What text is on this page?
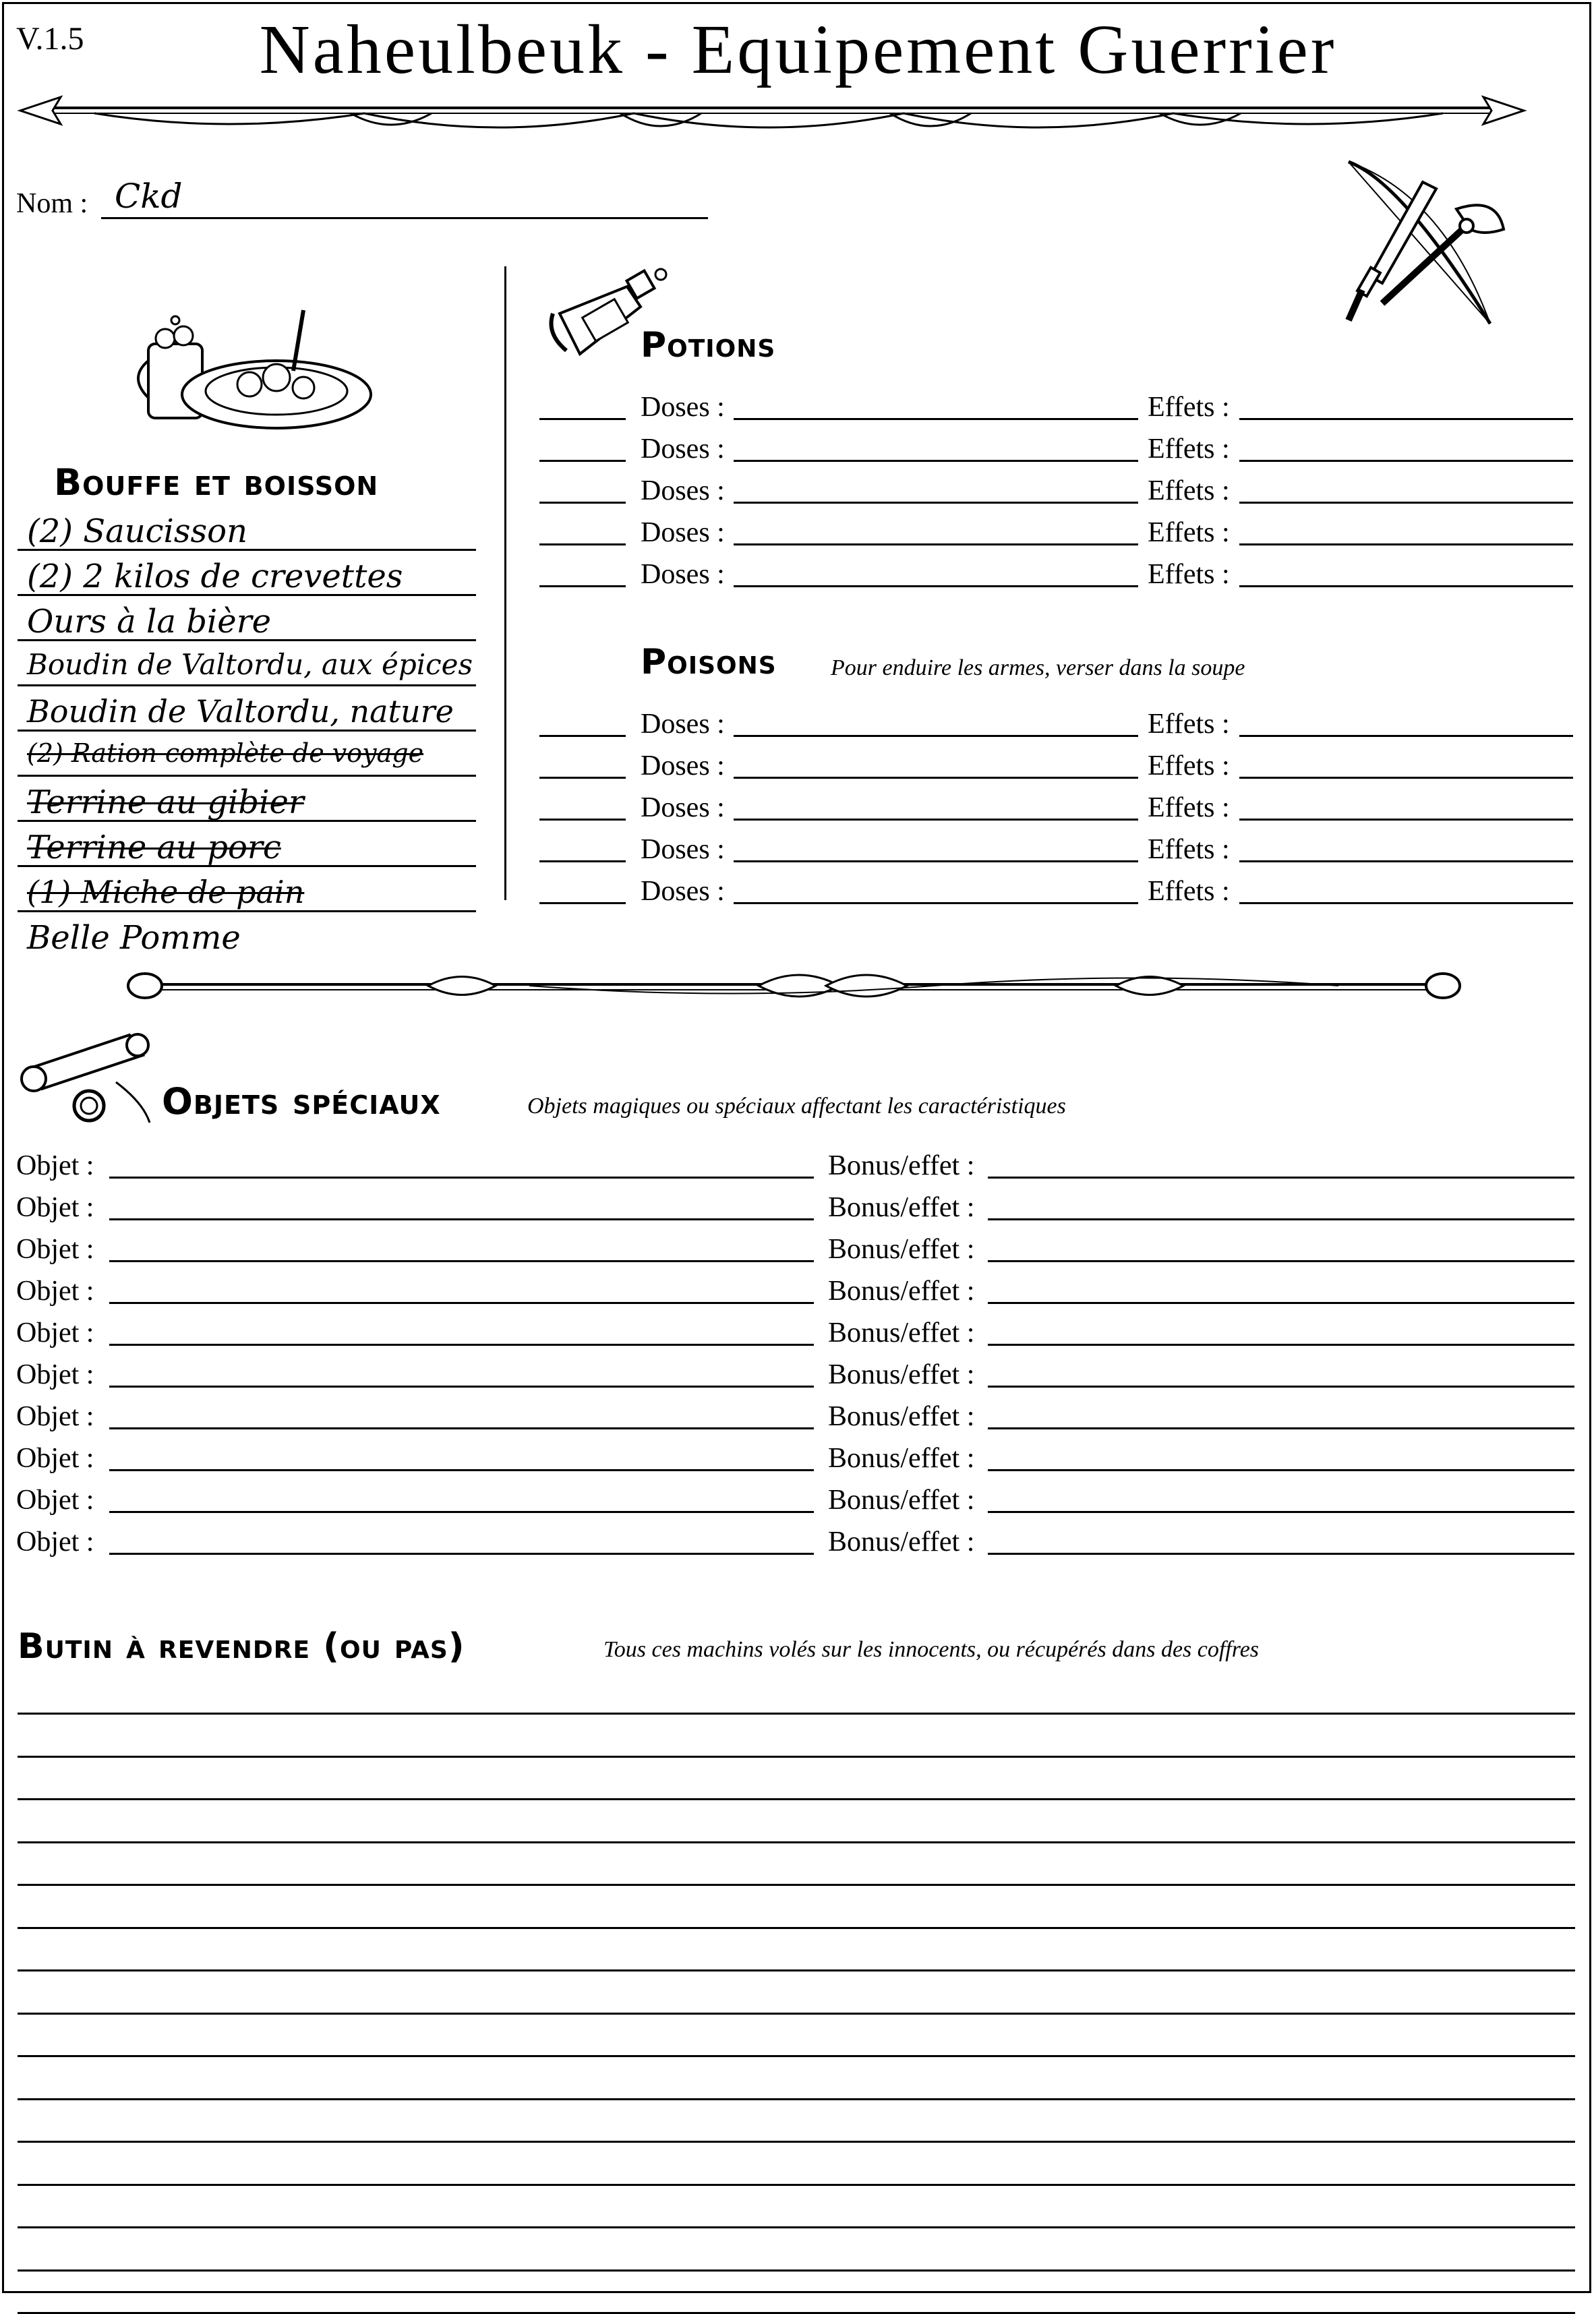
V.1.5	Naheulbeuk - Equipement Guerrier
Nom : Ckd
Bouffe et boisson
(2) Saucisson
(2) 2 kilos de crevettes
Ours à la bière
Boudin de Valtordu, aux épices
Boudin de Valtordu, nature
(2) Ration complète de voyage
Terrine au gibier
Terrine au porc
(1) Miche de pain
Belle Pomme
Potions
Doses :	Effets :
Doses :	Effets :
Doses :	Effets :
Doses :	Effets :
Doses :	Effets :
Poisons Pour enduire les armes, verser dans la soupe
Doses :	Effets :
Doses :	Effets :
Doses :	Effets :
Doses :	Effets :
Doses :	Effets :
Objets spéciaux	Objets magiques ou spéciaux affectant les caractéristiques
Objet :	Bonus/effet :
Objet :	Bonus/effet :
Objet :	Bonus/effet :
Objet :	Bonus/effet :
Objet :	Bonus/effet :
Objet :	Bonus/effet :
Objet :	Bonus/effet :
Objet :	Bonus/effet :
Objet :	Bonus/effet :
Objet :	Bonus/effet :
Butin à revendre (ou pas)	Tous ces machins volés sur les innocents, ou récupérés dans des coffres
